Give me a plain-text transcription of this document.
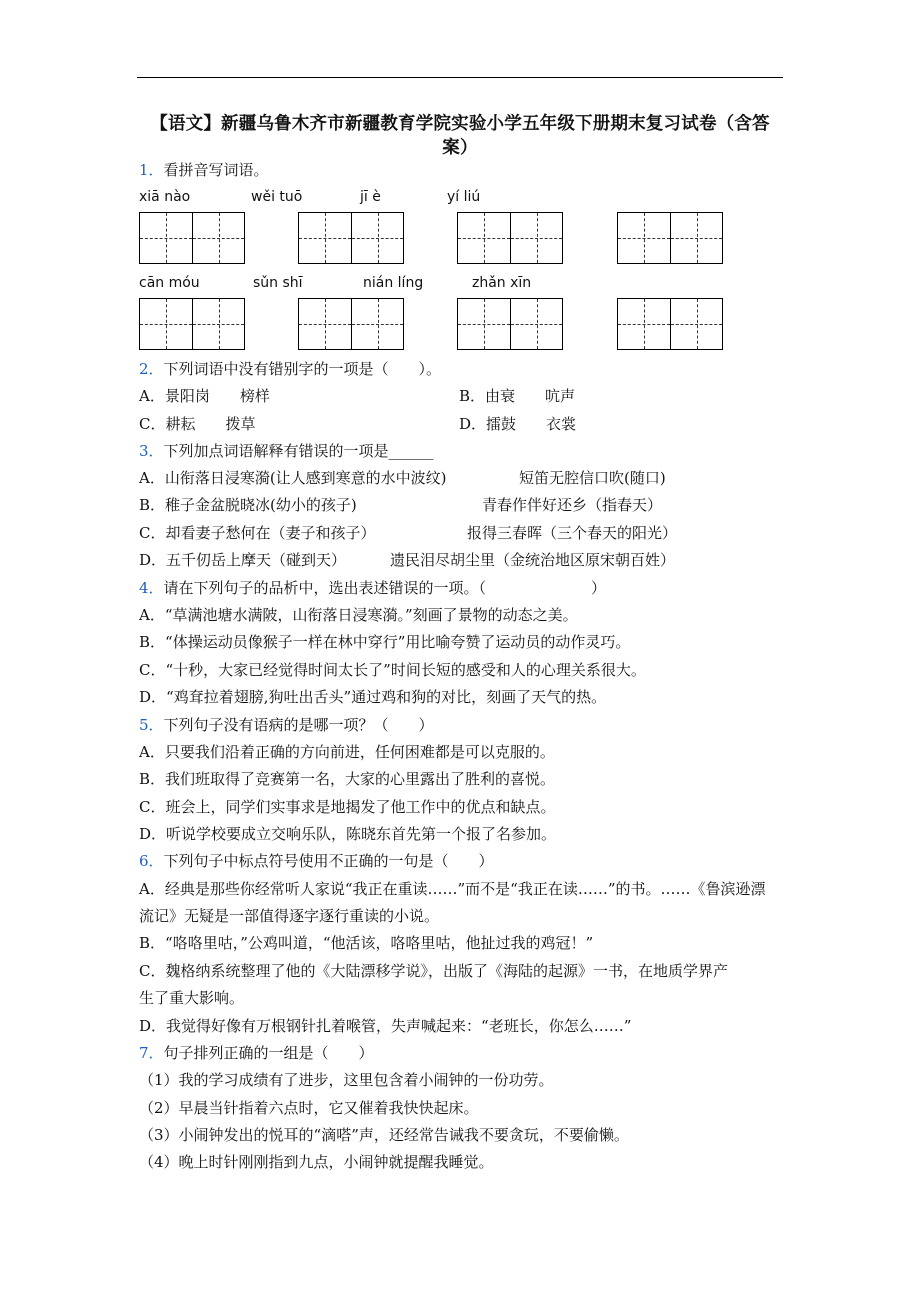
【语文】新疆乌鲁木齐市新疆教育学院实验小学五年级下册期末复习试卷（含答案）
1．看拼音写词语。
xiā nào	wěi tuō	jī è	yí liú
cān móu	sǔn shī	nián líng	zhǎn xīn
2．下列词语中没有错别字的一项是（　　）。
A．景阳岗　　榜样	B．由衰　　吭声
C．耕耘　　拨草	D．擂鼓　　衣裳
3．下列加点词语解释有错误的一项是______
A．山衔落日浸寒漪(让人感到寒意的水中波纹)	短笛无腔信口吹(随口)
B．稚子金盆脱晓冰(幼小的孩子)	青春作伴好还乡（指春天）
C．却看妻子愁何在（妻子和孩子）	报得三春晖（三个春天的阳光）
D．五千仞岳上摩天（碰到天）	遗民泪尽胡尘里（金统治地区原宋朝百姓）
4．请在下列句子的品析中，选出表述错误的一项。（　　　　　　　）
A．“草满池塘水满陂，山衔落日浸寒漪。”刻画了景物的动态之美。
B．“体操运动员像猴子一样在林中穿行”用比喻夸赞了运动员的动作灵巧。
C．“十秒，大家已经觉得时间太长了”时间长短的感受和人的心理关系很大。
D．“鸡耷拉着翅膀,狗吐出舌头”通过鸡和狗的对比，刻画了天气的热。
5．下列句子没有语病的是哪一项？（　　）
A．只要我们沿着正确的方向前进，任何困难都是可以克服的。
B．我们班取得了竞赛第一名，大家的心里露出了胜利的喜悦。
C．班会上，同学们实事求是地揭发了他工作中的优点和缺点。
D．听说学校要成立交响乐队，陈晓东首先第一个报了名参加。
6．下列句子中标点符号使用不正确的一句是（　　）
A．经典是那些你经常听人家说“我正在重读……”而不是“我正在读……”的书。……《鲁滨逊漂
流记》无疑是一部值得逐字逐行重读的小说。
B．“咯咯里咕，”公鸡叫道，“他活该，咯咯里咕，他扯过我的鸡冠！”
C．魏格纳系统整理了他的《大陆漂移学说》，出版了《海陆的起源》一书，在地质学界产
生了重大影响。
D．我觉得好像有万根钢针扎着喉管，失声喊起来：“老班长，你怎么……”
7．句子排列正确的一组是（　　）
（1）我的学习成绩有了进步，这里包含着小闹钟的一份功劳。
（2）早晨当针指着六点时，它又催着我快快起床。
（3）小闹钟发出的悦耳的“滴嗒”声，还经常告诫我不要贪玩，不要偷懒。
（4）晚上时针刚刚指到九点，小闹钟就提醒我睡觉。
